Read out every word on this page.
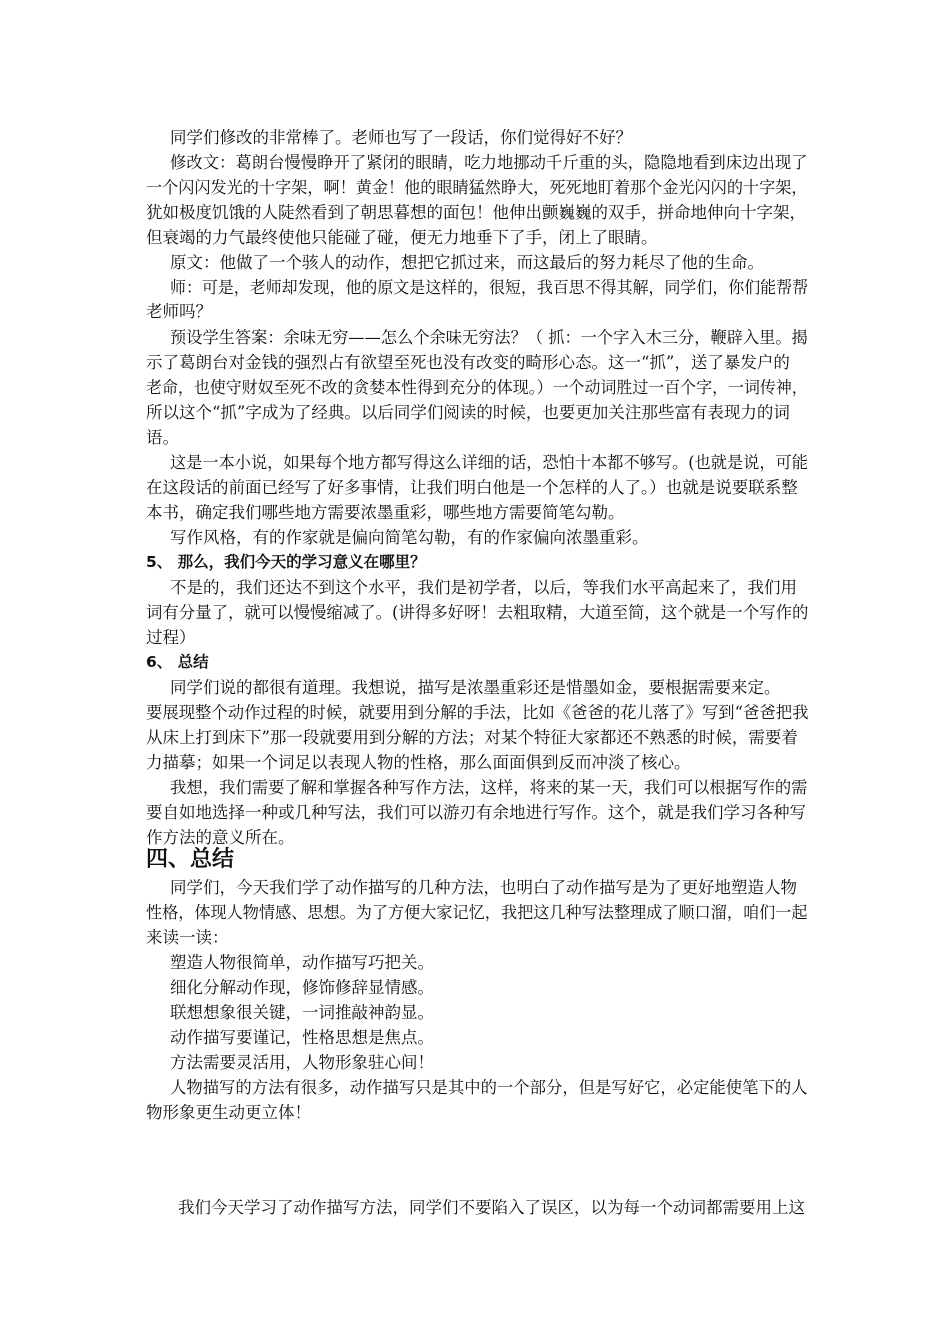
同学们修改的非常棒了。老师也写了一段话，你们觉得好不好？
修改文：葛朗台慢慢睁开了紧闭的眼睛，吃力地挪动千斤重的头，隐隐地看到床边出现了
一个闪闪发光的十字架，啊！黄金！他的眼睛猛然睁大，死死地盯着那个金光闪闪的十字架，
犹如极度饥饿的人陡然看到了朝思暮想的面包！他伸出颤巍巍的双手，拼命地伸向十字架，
但衰竭的力气最终使他只能碰了碰，便无力地垂下了手，闭上了眼睛。
原文：他做了一个骇人的动作，想把它抓过来，而这最后的努力耗尽了他的生命。
师：可是，老师却发现，他的原文是这样的，很短，我百思不得其解，同学们，你们能帮帮
老师吗？
预设学生答案：余味无穷——怎么个余味无穷法？（ 抓：一个字入木三分，鞭辟入里。揭
示了葛朗台对金钱的强烈占有欲望至死也没有改变的畸形心态。这一“抓”，送了暴发户的
老命，也使守财奴至死不改的贪婪本性得到充分的体现。）一个动词胜过一百个字，一词传神，
所以这个“抓”字成为了经典。以后同学们阅读的时候，也要更加关注那些富有表现力的词
语。
这是一本小说，如果每个地方都写得这么详细的话，恐怕十本都不够写。(也就是说，可能
在这段话的前面已经写了好多事情，让我们明白他是一个怎样的人了。）也就是说要联系整
本书，确定我们哪些地方需要浓墨重彩，哪些地方需要简笔勾勒。
写作风格，有的作家就是偏向简笔勾勒，有的作家偏向浓墨重彩。
5、 那么，我们今天的学习意义在哪里？
不是的，我们还达不到这个水平，我们是初学者，以后，等我们水平高起来了，我们用
词有分量了，就可以慢慢缩减了。(讲得多好呀！去粗取精，大道至简，这个就是一个写作的
过程）
6、 总结
同学们说的都很有道理。我想说，描写是浓墨重彩还是惜墨如金，要根据需要来定。
要展现整个动作过程的时候，就要用到分解的手法，比如《爸爸的花儿落了》写到“爸爸把我
从床上打到床下”那一段就要用到分解的方法；对某个特征大家都还不熟悉的时候，需要着
力描摹；如果一个词足以表现人物的性格，那么面面俱到反而冲淡了核心。
我想，我们需要了解和掌握各种写作方法，这样，将来的某一天，我们可以根据写作的需
要自如地选择一种或几种写法，我们可以游刃有余地进行写作。这个，就是我们学习各种写
作方法的意义所在。
四、总结
同学们，今天我们学了动作描写的几种方法，也明白了动作描写是为了更好地塑造人物
性格，体现人物情感、思想。为了方便大家记忆，我把这几种写法整理成了顺口溜，咱们一起
来读一读：
塑造人物很简单，动作描写巧把关。
细化分解动作现，修饰修辞显情感。
联想想象很关键，一词推敲神韵显。
动作描写要谨记，性格思想是焦点。
方法需要灵活用，人物形象驻心间！
人物描写的方法有很多，动作描写只是其中的一个部分，但是写好它，必定能使笔下的人
物形象更生动更立体！
我们今天学习了动作描写方法，同学们不要陷入了误区，以为每一个动词都需要用上这
